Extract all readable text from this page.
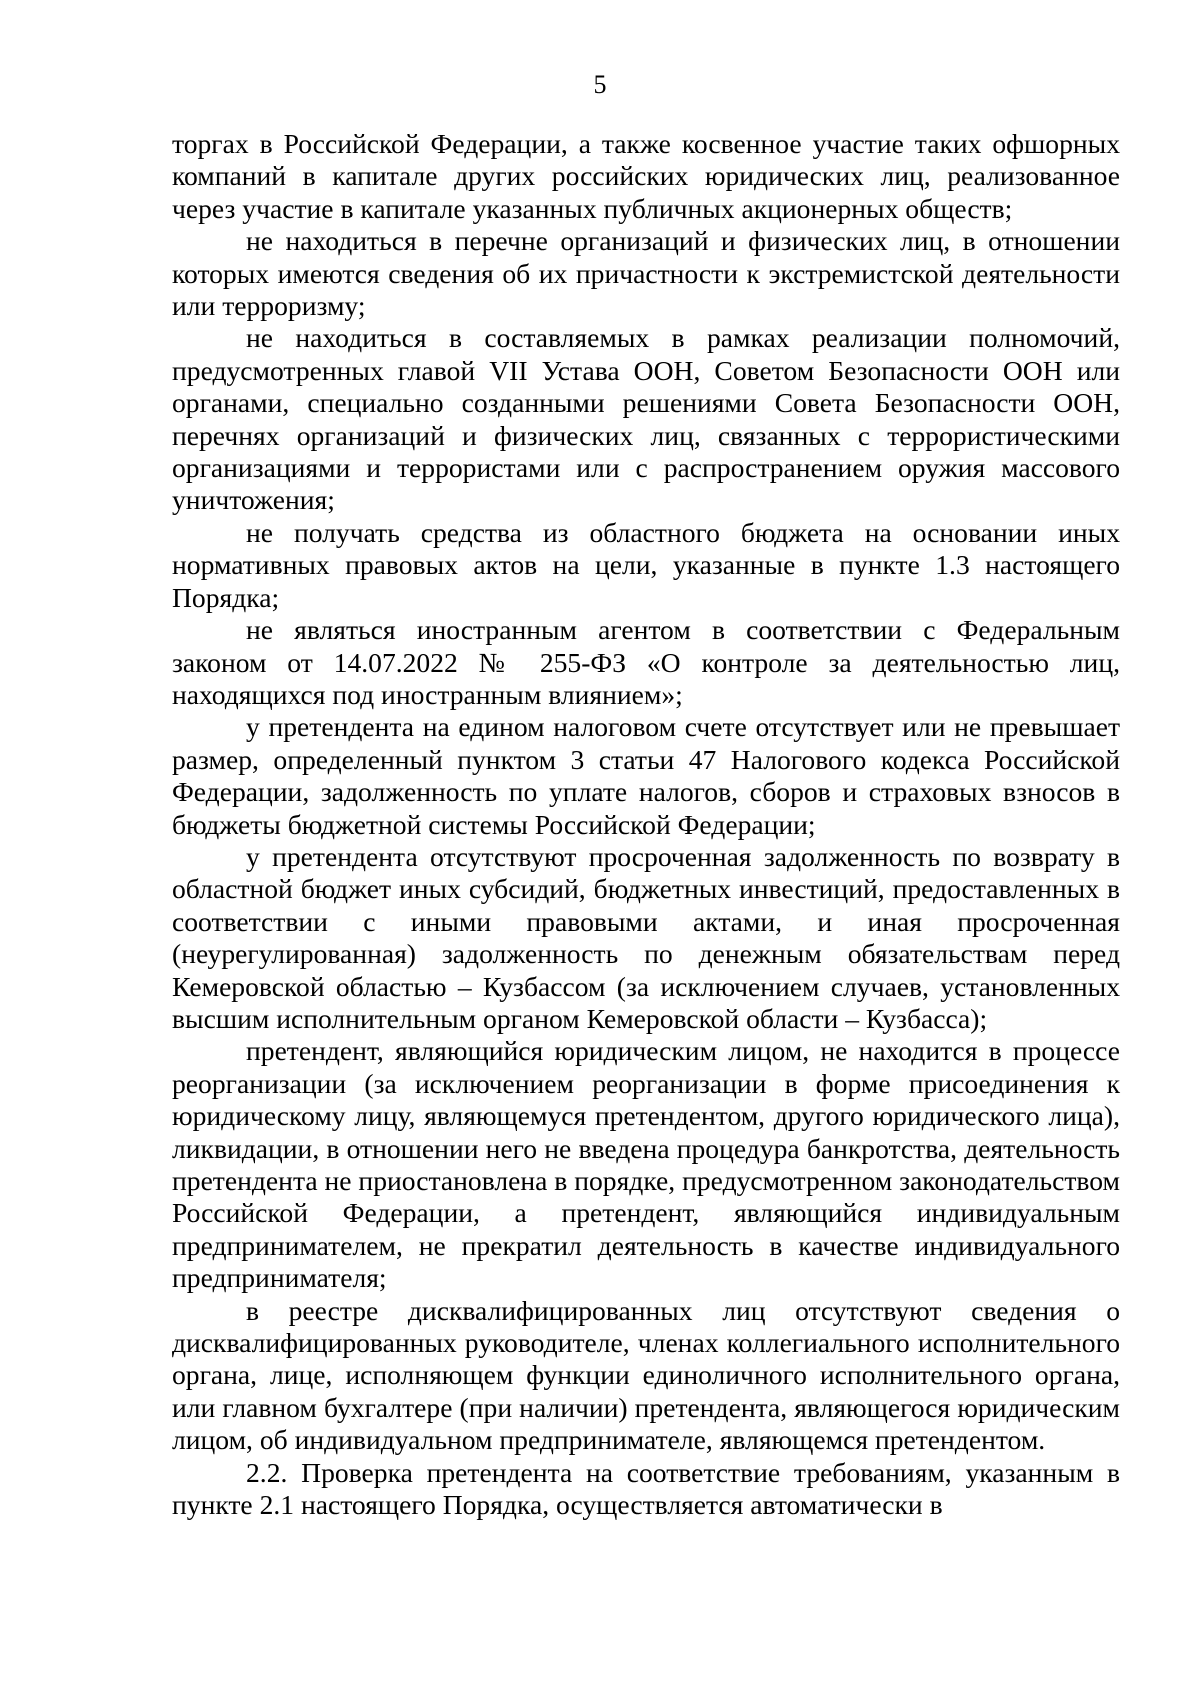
5

торгах в Российской Федерации, а также косвенное участие таких офшорных компаний в капитале других российских юридических лиц, реализованное через участие в капитале указанных публичных акционерных обществ;

не находиться в перечне организаций и физических лиц, в отношении которых имеются сведения об их причастности к экстремистской деятельности или терроризму;

не находиться в составляемых в рамках реализации полномочий, предусмотренных главой VII Устава ООН, Советом Безопасности ООН или органами, специально созданными решениями Совета Безопасности ООН, перечнях организаций и физических лиц, связанных с террористическими организациями и террористами или с распространением оружия массового уничтожения;

не получать средства из областного бюджета на основании иных нормативных правовых актов на цели, указанные в пункте 1.3 настоящего Порядка;

не являться иностранным агентом в соответствии с Федеральным законом от 14.07.2022 № 255-ФЗ «О контроле за деятельностью лиц, находящихся под иностранным влиянием»;

у претендента на едином налоговом счете отсутствует или не превышает размер, определенный пунктом 3 статьи 47 Налогового кодекса Российской Федерации, задолженность по уплате налогов, сборов и страховых взносов в бюджеты бюджетной системы Российской Федерации;

у претендента отсутствуют просроченная задолженность по возврату в областной бюджет иных субсидий, бюджетных инвестиций, предоставленных в соответствии с иными правовыми актами, и иная просроченная (неурегулированная) задолженность по денежным обязательствам перед Кемеровской областью – Кузбассом (за исключением случаев, установленных высшим исполнительным органом Кемеровской области – Кузбасса);

претендент, являющийся юридическим лицом, не находится в процессе реорганизации (за исключением реорганизации в форме присоединения к юридическому лицу, являющемуся претендентом, другого юридического лица), ликвидации, в отношении него не введена процедура банкротства, деятельность претендента не приостановлена в порядке, предусмотренном законодательством Российской Федерации, а претендент, являющийся индивидуальным предпринимателем, не прекратил деятельность в качестве индивидуального предпринимателя;

в реестре дисквалифицированных лиц отсутствуют сведения о дисквалифицированных руководителе, членах коллегиального исполнительного органа, лице, исполняющем функции единоличного исполнительного органа, или главном бухгалтере (при наличии) претендента, являющегося юридическим лицом, об индивидуальном предпринимателе, являющемся претендентом.

2.2. Проверка претендента на соответствие требованиям, указанным в пункте 2.1 настоящего Порядка, осуществляется автоматически в
